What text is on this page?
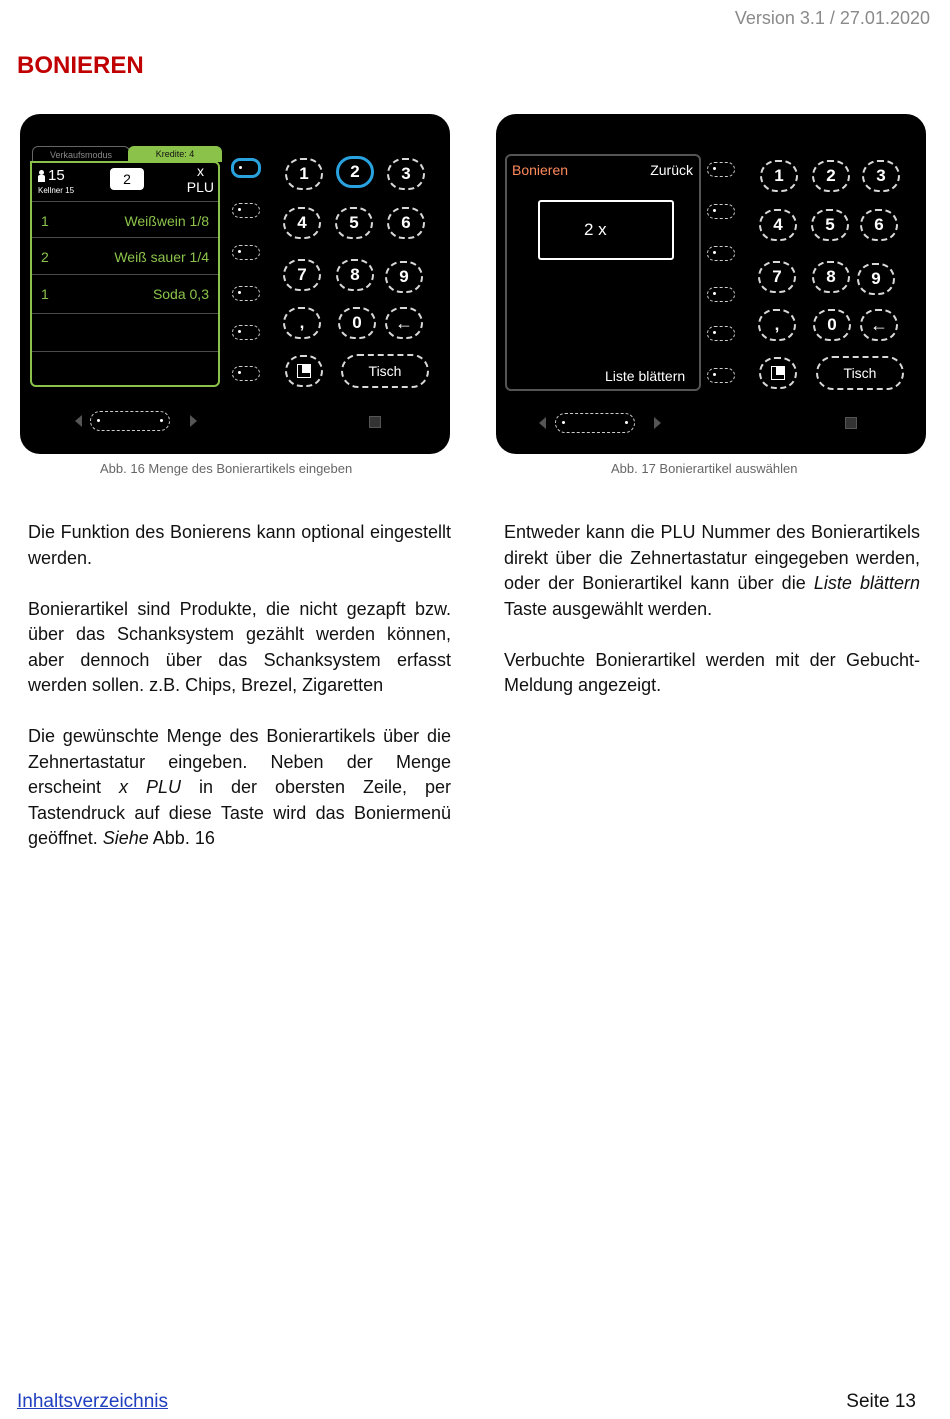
Version 3.1 / 27.01.2020
BONIEREN
Verkaufsmodus	Kredite: 4
15
Kellner 15
2	x
PLU
1	Weißwein 1/8
2	Weiß sauer 1/4
1	Soda 0,3
1	2	3
4	5	6
7	8	9
,	0	←
Tisch
Abb. 16 Menge des Bonierartikels eingeben
Bonieren	Zurück
2 x
Liste blättern
1	2	3
4	5	6
7	8	9
,	0	←
Tisch
Abb. 17 Bonierartikel auswählen

Die Funktion des Bonierens kann optional eingestellt werden.

Bonierartikel sind Produkte, die nicht gezapft bzw. über das Schanksystem gezählt werden können, aber dennoch über das Schanksystem erfasst werden sollen. z.B. Chips, Brezel, Zigaretten

Die gewünschte Menge des Bonierartikels über die Zehnertastatur eingeben. Neben der Menge erscheint x PLU in der obersten Zeile, per Tastendruck auf diese Taste wird das Boniermenü geöffnet. Siehe Abb. 16

Entweder kann die PLU Nummer des Bonierartikels direkt über die Zehnertastatur eingegeben werden, oder der Bonierartikel kann über die Liste blättern Taste ausgewählt werden.

Verbuchte Bonierartikel werden mit der Gebucht-Meldung angezeigt.

Inhaltsverzeichnis	Seite 13
